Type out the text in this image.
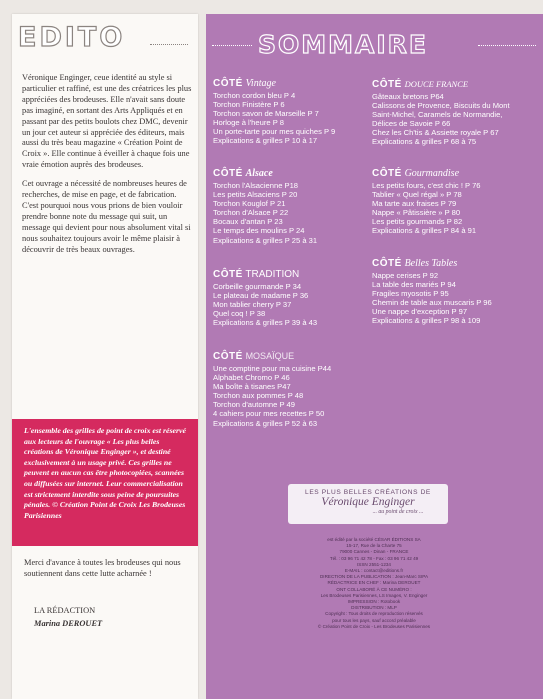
EDITO

Véronique Enginger, ceue identité au style si particulier et raffiné, est une des créatrices les plus appréciées des brodeuses. Elle n'avait sans doute pas imaginé, en sortant des Arts Appliqués et en passant par des petits boulots chez DMC, devenir un jour cet auteur si appréciée des éditeurs, mais aussi du très beau magazine « Création Point de Croix ». Elle continue à éveiller à chaque fois une vraie émotion auprès des brodeuses.

Cet ouvrage a nécessité de nombreuses heures de recherches, de mise en page, et de fabrication. C'est pourquoi nous vous prions de bien vouloir prendre bonne note du message qui suit, un message qui devient pour nous absolument vital si nous souhaitez toujours avoir le même plaisir à découvrir de très beaux ouvrages.

L'ensemble des grilles de point de croix est réservé aux lecteurs de l'ouvrage « Les plus belles créations de Véronique Enginger », et destiné exclusivement à un usage privé. Ces grilles ne peuvent en aucun cas être photocopiées, scannées ou diffusées sur internet. Leur commercialisation est strictement interdite sous peine de poursuites pénales. © Création Point de Croix Les Brodeuses Parisiennes
Merci d'avance à toutes les brodeuses qui nous soutiennent dans cette lutte acharnée !
LA RÉDACTION
Marina DEROUET
SOMMAIRE
CÔTÉ Vintage
Torchon cordon bleu P 4
Torchon Finistère P 6
Torchon savon de Marseille P 7
Horloge à l'heure P 8
Un porte-tarte pour mes quiches P 9
Explications & grilles P 10 à 17
CÔTÉ Alsace
Torchon l'Alsacienne P18
Les petits Alsaciens P 20
Torchon Kouglof P 21
Torchon d'Alsace P 22
Bocaux d'antan P 23
Le temps des moulins P 24
Explications & grilles P 25 à 31
CÔTÉ TRADITION
Corbeille gourmande P 34
Le plateau de madame P 36
Mon tablier cherry P 37
Quel coq ! P 38
Explications & grilles P 39 à 43
CÔTÉ MOSAÏQUE
Une comptine pour ma cuisine P44
Alphabet Chromo P 46
Ma boîte à tisanes P47
Torchon aux pommes P 48
Torchon d'automne P 49
4 cahiers pour mes recettes P 50
Explications & grilles P 52 à 63
CÔTÉ DOUCE FRANCE
Gâteaux bretons P64
Calissons de Provence, Biscuits du Mont
Saint-Michel, Caramels de Normandie,
Délices de Savoie P 66
Chez les Ch'tis & Assiette royale P 67
Explications & grilles P 68 à 75
CÔTÉ Gourmandise
Les petits fours, c'est chic ! P 76
Tablier « Quel régal » P 78
Ma tarte aux fraises P 79
Nappe « Pâtissière » P 80
Les petits gourmands P 82
Explications & grilles P 84 à 91
CÔTÉ Belles Tables
Nappe cerises P 92
La table des mariés P 94
Fragiles myosotis P 95
Chemin de table aux muscaris P 96
Une nappe d'exception P 97
Explications & grilles P 98 à 109
LES PLUS BELLES CRÉATIONS DE
Véronique Enginger
... au point de croix ...
est édité par la société CÉSAR ÉDITIONS SA
15-17, Rue de la Charte 75
79000 Cannes - Dinan - FRANCE
Tél. : 03 96 71 42 78 - Fax : 03 96 71 42 49
ISSN 2551-1234
E-MAIL : contact@editions.fr
DIRECTION DE LA PUBLICATION : Jean-Marc SIPA
RÉDACTRICE EN CHEF : Marina DEROUET
ONT COLLABORÉ À CE NUMÉRO :
Les Brodeuses Parisiennes, LS Images, V. Enginger
IMPRESSION : Rotobook
DISTRIBUTION : MLP
Copyright : Tous droits de reproduction réservés
pour tous les pays, sauf accord préalable
© Création Point de Croix - Les Brodeuses Parisiennes
